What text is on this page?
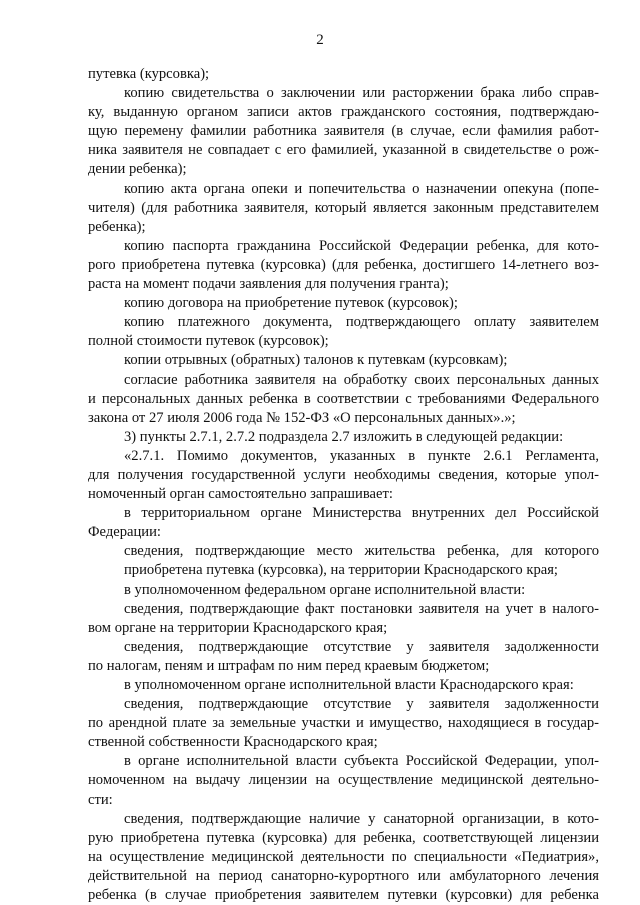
2
путевка (курсовка);
копию свидетельства о заключении или расторжении брака либо справ-
ку, выданную органом записи актов гражданского состояния, подтверждаю-
щую перемену фамилии работника заявителя (в случае, если фамилия работ-
ника заявителя не совпадает с его фамилией, указанной в свидетельстве о рож-
дении ребенка);
копию акта органа опеки и попечительства о назначении опекуна (попе-
чителя) (для работника заявителя, который является законным представителем
ребенка);
копию паспорта гражданина Российской Федерации ребенка, для кото-
рого приобретена путевка (курсовка) (для ребенка, достигшего 14-летнего воз-
раста на момент подачи заявления для получения гранта);
копию договора на приобретение путевок (курсовок);
копию платежного документа, подтверждающего оплату заявителем
полной стоимости путевок (курсовок);
копии отрывных (обратных) талонов к путевкам (курсовкам);
согласие работника заявителя на обработку своих персональных данных
и персональных данных ребенка в соответствии с требованиями Федерального
закона от 27 июля 2006 года № 152-ФЗ «О персональных данных».»;
3) пункты 2.7.1, 2.7.2 подраздела 2.7 изложить в следующей редакции:
«2.7.1. Помимо документов, указанных в пункте 2.6.1 Регламента,
для получения государственной услуги необходимы сведения, которые упол-
номоченный орган самостоятельно запрашивает:
в территориальном органе Министерства внутренних дел Российской
Федерации:
сведения, подтверждающие место жительства ребенка, для которого
приобретена путевка (курсовка), на территории Краснодарского края;
в уполномоченном федеральном органе исполнительной власти:
сведения, подтверждающие факт постановки заявителя на учет в налого-
вом органе на территории Краснодарского края;
сведения, подтверждающие отсутствие у заявителя задолженности
по налогам, пеням и штрафам по ним перед краевым бюджетом;
в уполномоченном органе исполнительной власти Краснодарского края:
сведения, подтверждающие отсутствие у заявителя задолженности
по арендной плате за земельные участки и имущество, находящиеся в государ-
ственной собственности Краснодарского края;
в органе исполнительной власти субъекта Российской Федерации, упол-
номоченном на выдачу лицензии на осуществление медицинской деятельно-
сти:
сведения, подтверждающие наличие у санаторной организации, в кото-
рую приобретена путевка (курсовка) для ребенка, соответствующей лицензии
на осуществление медицинской деятельности по специальности «Педиатрия»,
действительной на период санаторно-курортного или амбулаторного лечения
ребенка (в случае приобретения заявителем путевки (курсовки) для ребенка
